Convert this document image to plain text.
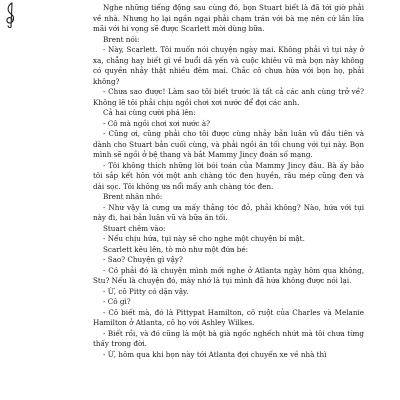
Nghe những tiếng động sau cùng đó, bọn Stuart biết là đã tới giờ phải về nhà. Nhưng họ lại ngần ngại phải chạm trán với bà mẹ nên cứ lần lữa mãi với hi vọng sẽ được Scarlett mời dùng bữa.

Brent nói:

- Này, Scarlett. Tôi muốn nói chuyện ngày mai. Không phải vì tụi này ở xa, chẳng hay biết gì về buổi dã yến và cuộc khiêu vũ mà bọn này không có quyền nhảy thật nhiều đêm mai. Chắc cô chưa hứa với bọn họ, phải không?

- Chưa sao được! Làm sao tôi biết trước là tất cả các anh cùng trở về? Không lẽ tôi phải chịu ngồi chơi xơi nước để đợi các anh.

Cả hai cùng cười phá lên:

- Cô mà ngồi chơi xơi nước à?

- Cũng ơi, cũng phải cho tôi được cùng nhảy bản luân vũ đầu tiên và dành cho Stuart bản cuối cùng, và phải ngồi ăn tối chung với tụi này. Bọn mình sẽ ngồi ở bệ thang và bắt Mammy Jincy đoán số mạng.

- Tôi không thích những lời bói toán của Mammy Jincy đâu. Bà ấy bảo tôi sắp kết hôn với một anh chàng tóc đen huyền, râu mép cũng đen và dài sọc. Tôi không ưa nổi mấy anh chàng tóc đen.

Brent nhăn nhó:

- Như vậy là cưng ưa mấy thằng tóc đỏ, phải không? Nào, hứa với tụi này đi, hai bản luân vũ và bữa ăn tối.

Stuart chêm vào:

- Nếu chịu hứa, tụi này sẽ cho nghe một chuyện bí mật.

Scarlett kêu lên, tò mò như một đứa bé:

- Sao? Chuyện gì vậy?

- Có phải đó là chuyện mình mới nghe ở Atlanta ngày hôm qua không, Stu? Nếu là chuyện đó, mày nhớ là tụi mình đã hứa không được nói lại.

- Ừ, cô Pitty có dặn vậy.

- Cô gì?

- Cô biết mà, đó là Pittypat Hamilton, cô ruột của Charles và Melanie Hamilton ở Atlanta, cô họ với Ashley Wilkes.

- Biết rồi, và đó cũng là một bà già ngốc nghếch nhứt mà tôi chưa từng thấy trong đời.

- Ừ, hôm qua khi bọn này tới Atlanta đợi chuyến xe về nhà thì
